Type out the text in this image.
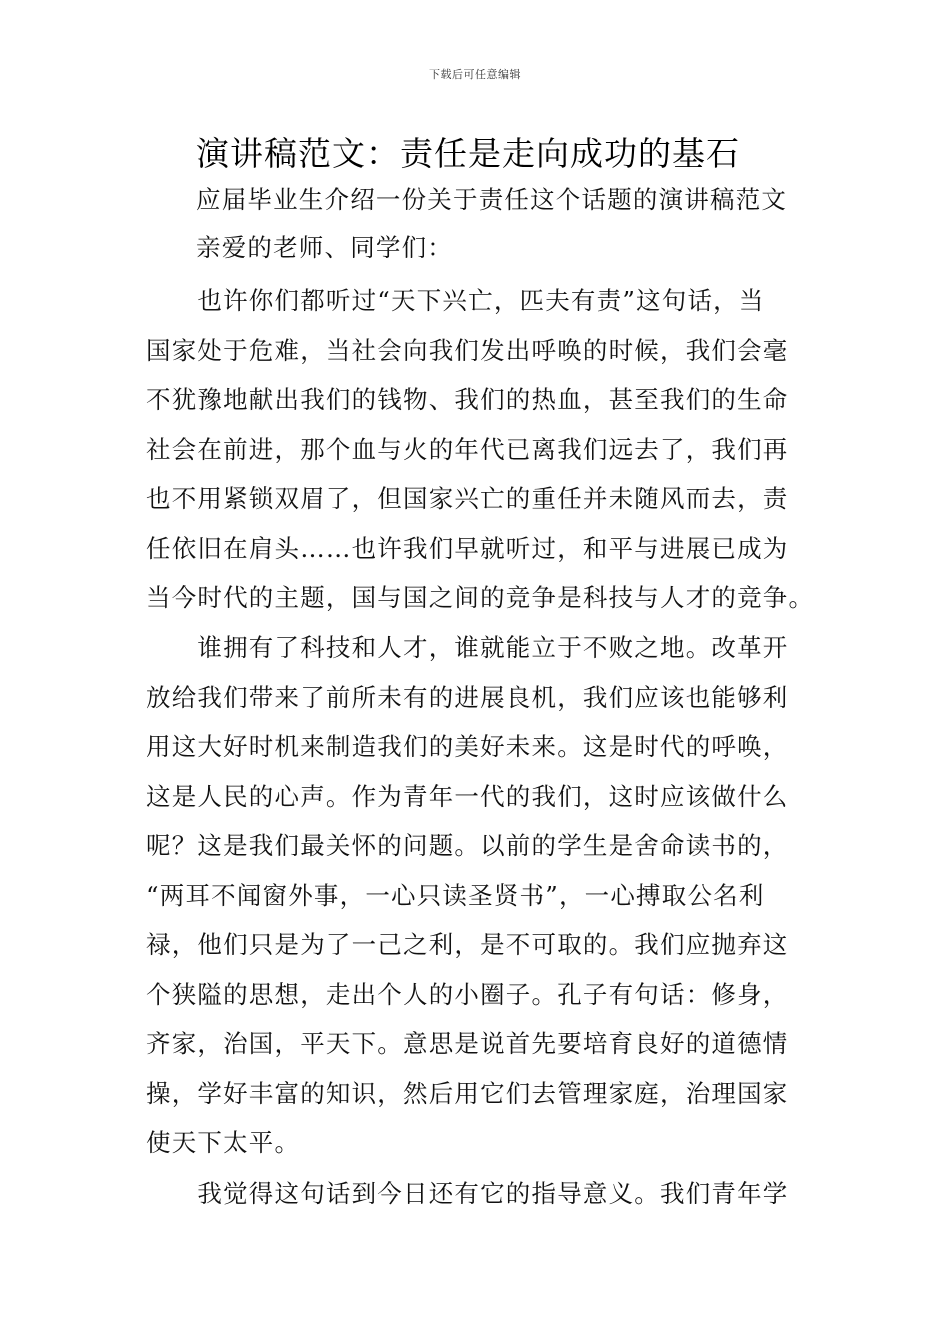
下载后可任意编辑
演讲稿范文：责任是走向成功的基石
应届毕业生介绍一份关于责任这个话题的演讲稿范文
亲爱的老师、同学们：
　　也许你们都听过“天下兴亡，匹夫有责”这句话，当
国家处于危难，当社会向我们发出呼唤的时候，我们会毫
不犹豫地献出我们的钱物、我们的热血，甚至我们的生命
社会在前进，那个血与火的年代已离我们远去了，我们再
也不用紧锁双眉了，但国家兴亡的重任并未随风而去，责
任依旧在肩头……也许我们早就听过，和平与进展已成为
当今时代的主题，国与国之间的竞争是科技与人才的竞争。
　　谁拥有了科技和人才，谁就能立于不败之地。改革开
放给我们带来了前所未有的进展良机，我们应该也能够利
用这大好时机来制造我们的美好未来。这是时代的呼唤，
这是人民的心声。作为青年一代的我们，这时应该做什么
呢？这是我们最关怀的问题。以前的学生是舍命读书的，
“两耳不闻窗外事，一心只读圣贤书”，一心搏取公名利
禄，他们只是为了一己之利，是不可取的。我们应抛弃这
个狭隘的思想，走出个人的小圈子。孔子有句话：修身，
齐家，治国，平天下。意思是说首先要培育良好的道德情
操，学好丰富的知识，然后用它们去管理家庭，治理国家
使天下太平。
　　我觉得这句话到今日还有它的指导意义。我们青年学
